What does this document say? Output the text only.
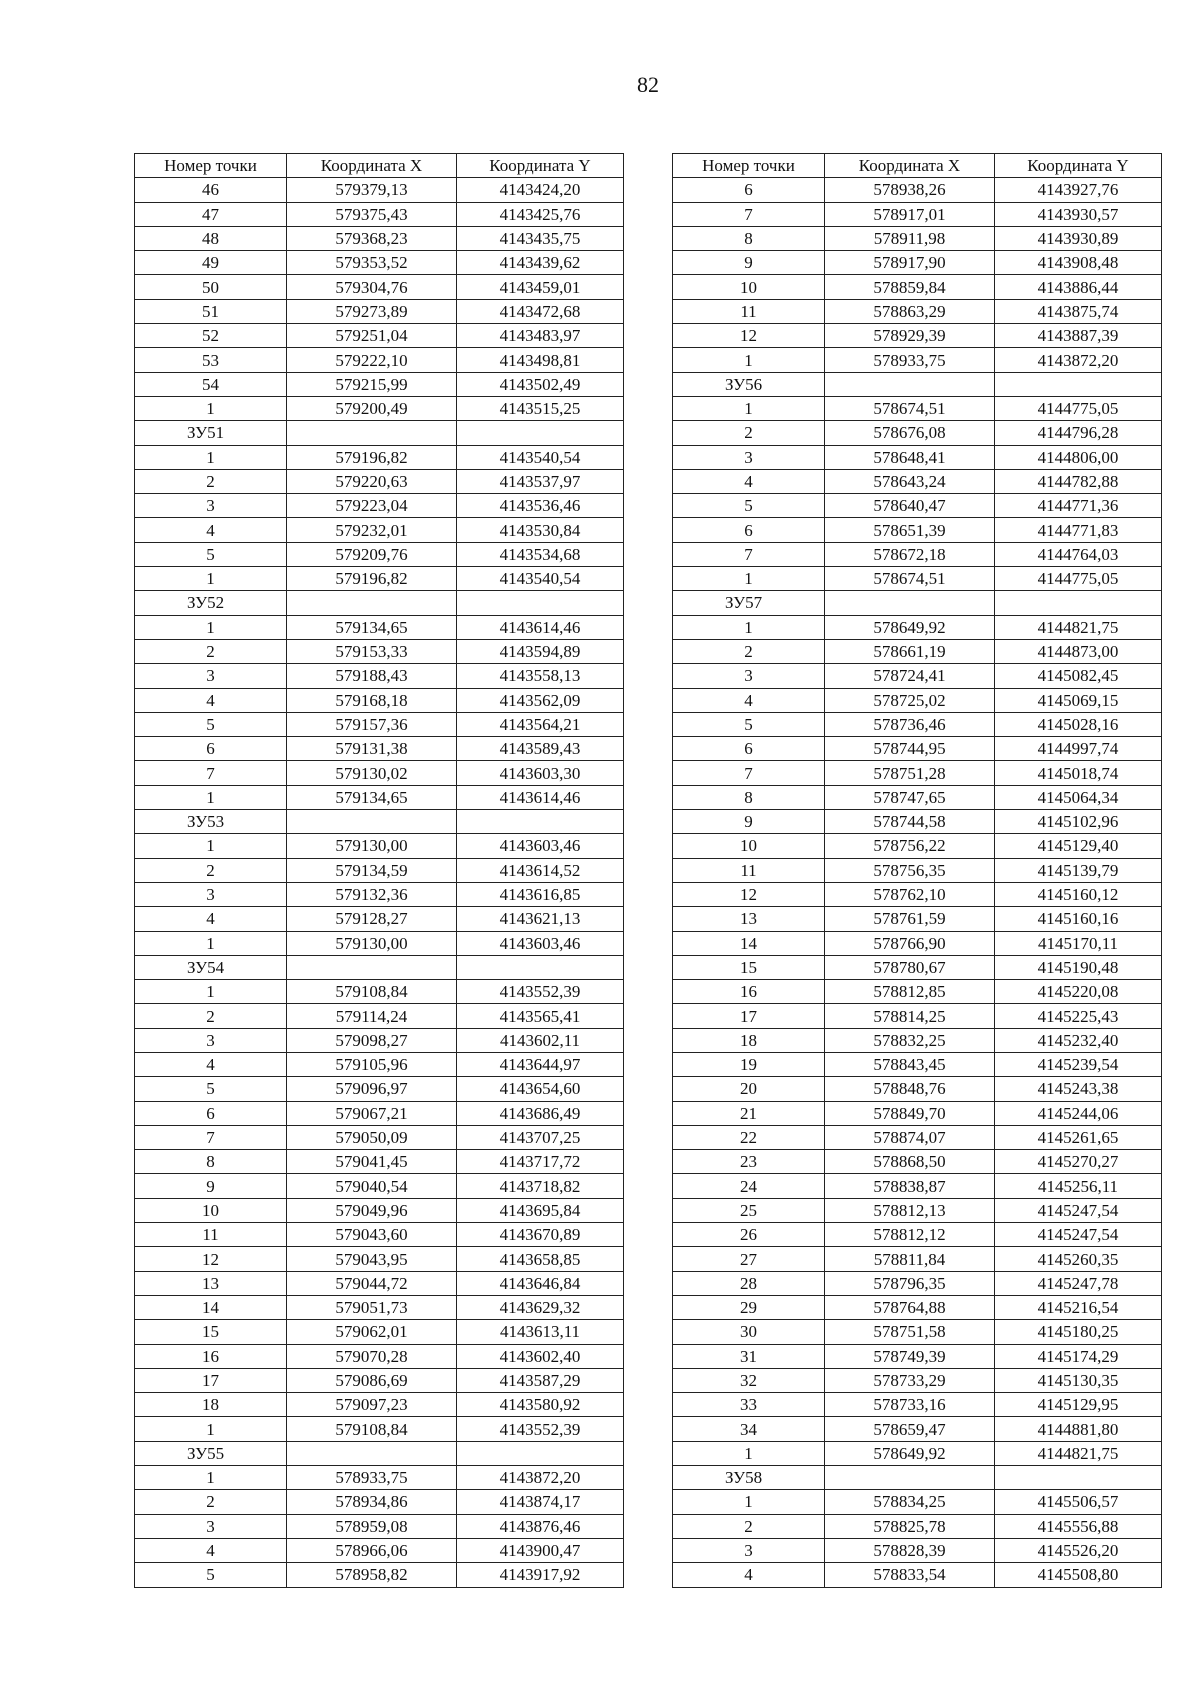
82
Номер точки	Координата X	Координата Y
46	579379,13	4143424,20
47	579375,43	4143425,76
48	579368,23	4143435,75
49	579353,52	4143439,62
50	579304,76	4143459,01
51	579273,89	4143472,68
52	579251,04	4143483,97
53	579222,10	4143498,81
54	579215,99	4143502,49
1	579200,49	4143515,25
ЗУ51		
1	579196,82	4143540,54
2	579220,63	4143537,97
3	579223,04	4143536,46
4	579232,01	4143530,84
5	579209,76	4143534,68
1	579196,82	4143540,54
ЗУ52		
1	579134,65	4143614,46
2	579153,33	4143594,89
3	579188,43	4143558,13
4	579168,18	4143562,09
5	579157,36	4143564,21
6	579131,38	4143589,43
7	579130,02	4143603,30
1	579134,65	4143614,46
ЗУ53		
1	579130,00	4143603,46
2	579134,59	4143614,52
3	579132,36	4143616,85
4	579128,27	4143621,13
1	579130,00	4143603,46
ЗУ54		
1	579108,84	4143552,39
2	579114,24	4143565,41
3	579098,27	4143602,11
4	579105,96	4143644,97
5	579096,97	4143654,60
6	579067,21	4143686,49
7	579050,09	4143707,25
8	579041,45	4143717,72
9	579040,54	4143718,82
10	579049,96	4143695,84
11	579043,60	4143670,89
12	579043,95	4143658,85
13	579044,72	4143646,84
14	579051,73	4143629,32
15	579062,01	4143613,11
16	579070,28	4143602,40
17	579086,69	4143587,29
18	579097,23	4143580,92
1	579108,84	4143552,39
ЗУ55		
1	578933,75	4143872,20
2	578934,86	4143874,17
3	578959,08	4143876,46
4	578966,06	4143900,47
5	578958,82	4143917,92
Номер точки	Координата X	Координата Y
6	578938,26	4143927,76
7	578917,01	4143930,57
8	578911,98	4143930,89
9	578917,90	4143908,48
10	578859,84	4143886,44
11	578863,29	4143875,74
12	578929,39	4143887,39
1	578933,75	4143872,20
ЗУ56		
1	578674,51	4144775,05
2	578676,08	4144796,28
3	578648,41	4144806,00
4	578643,24	4144782,88
5	578640,47	4144771,36
6	578651,39	4144771,83
7	578672,18	4144764,03
1	578674,51	4144775,05
ЗУ57		
1	578649,92	4144821,75
2	578661,19	4144873,00
3	578724,41	4145082,45
4	578725,02	4145069,15
5	578736,46	4145028,16
6	578744,95	4144997,74
7	578751,28	4145018,74
8	578747,65	4145064,34
9	578744,58	4145102,96
10	578756,22	4145129,40
11	578756,35	4145139,79
12	578762,10	4145160,12
13	578761,59	4145160,16
14	578766,90	4145170,11
15	578780,67	4145190,48
16	578812,85	4145220,08
17	578814,25	4145225,43
18	578832,25	4145232,40
19	578843,45	4145239,54
20	578848,76	4145243,38
21	578849,70	4145244,06
22	578874,07	4145261,65
23	578868,50	4145270,27
24	578838,87	4145256,11
25	578812,13	4145247,54
26	578812,12	4145247,54
27	578811,84	4145260,35
28	578796,35	4145247,78
29	578764,88	4145216,54
30	578751,58	4145180,25
31	578749,39	4145174,29
32	578733,29	4145130,35
33	578733,16	4145129,95
34	578659,47	4144881,80
1	578649,92	4144821,75
ЗУ58		
1	578834,25	4145506,57
2	578825,78	4145556,88
3	578828,39	4145526,20
4	578833,54	4145508,80
